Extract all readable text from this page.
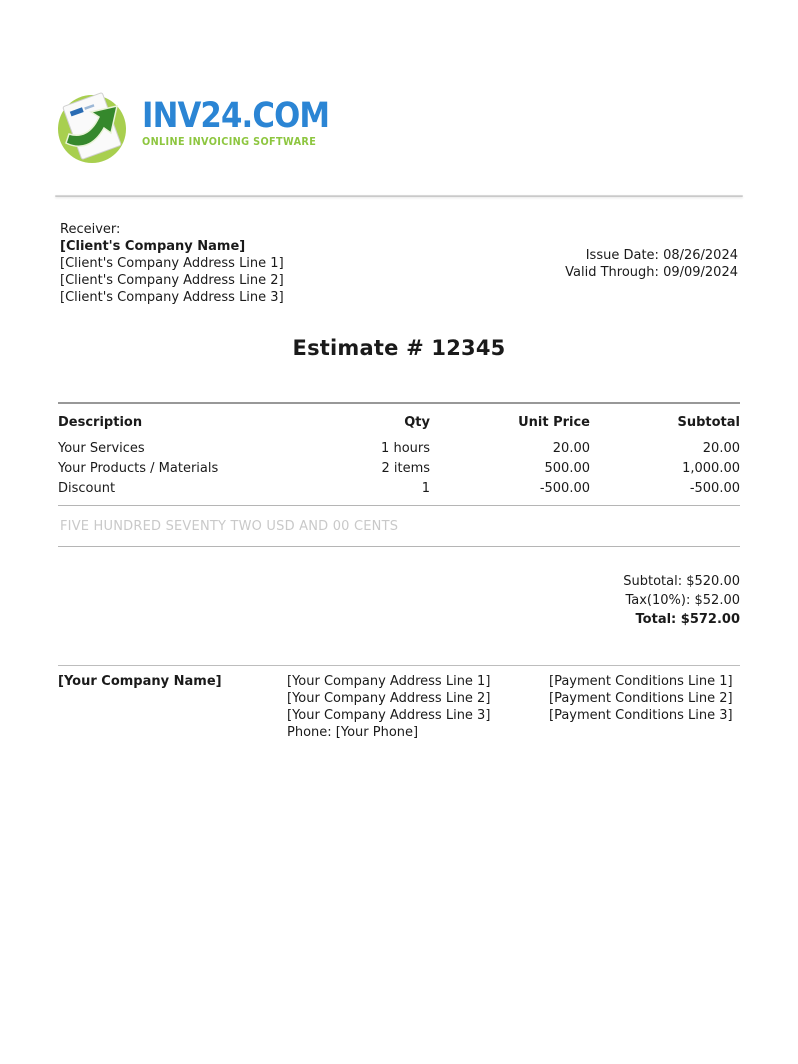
INV24.COM
ONLINE INVOICING SOFTWARE
Receiver:
[Client's Company Name]
[Client's Company Address Line 1]
[Client's Company Address Line 2]
[Client's Company Address Line 3]
Issue Date: 08/26/2024
Valid Through: 09/09/2024
Estimate # 12345
Description	Qty	Unit Price	Subtotal
Your Services	1 hours	20.00	20.00
Your Products / Materials	2 items	500.00	1,000.00
Discount	1	-500.00	-500.00
FIVE HUNDRED SEVENTY TWO USD AND 00 CENTS
Subtotal: $520.00
Tax(10%): $52.00
Total: $572.00
[Your Company Name]	[Your Company Address Line 1]
[Your Company Address Line 2]
[Your Company Address Line 3]
Phone: [Your Phone]
[Payment Conditions Line 1]
[Payment Conditions Line 2]
[Payment Conditions Line 3]
